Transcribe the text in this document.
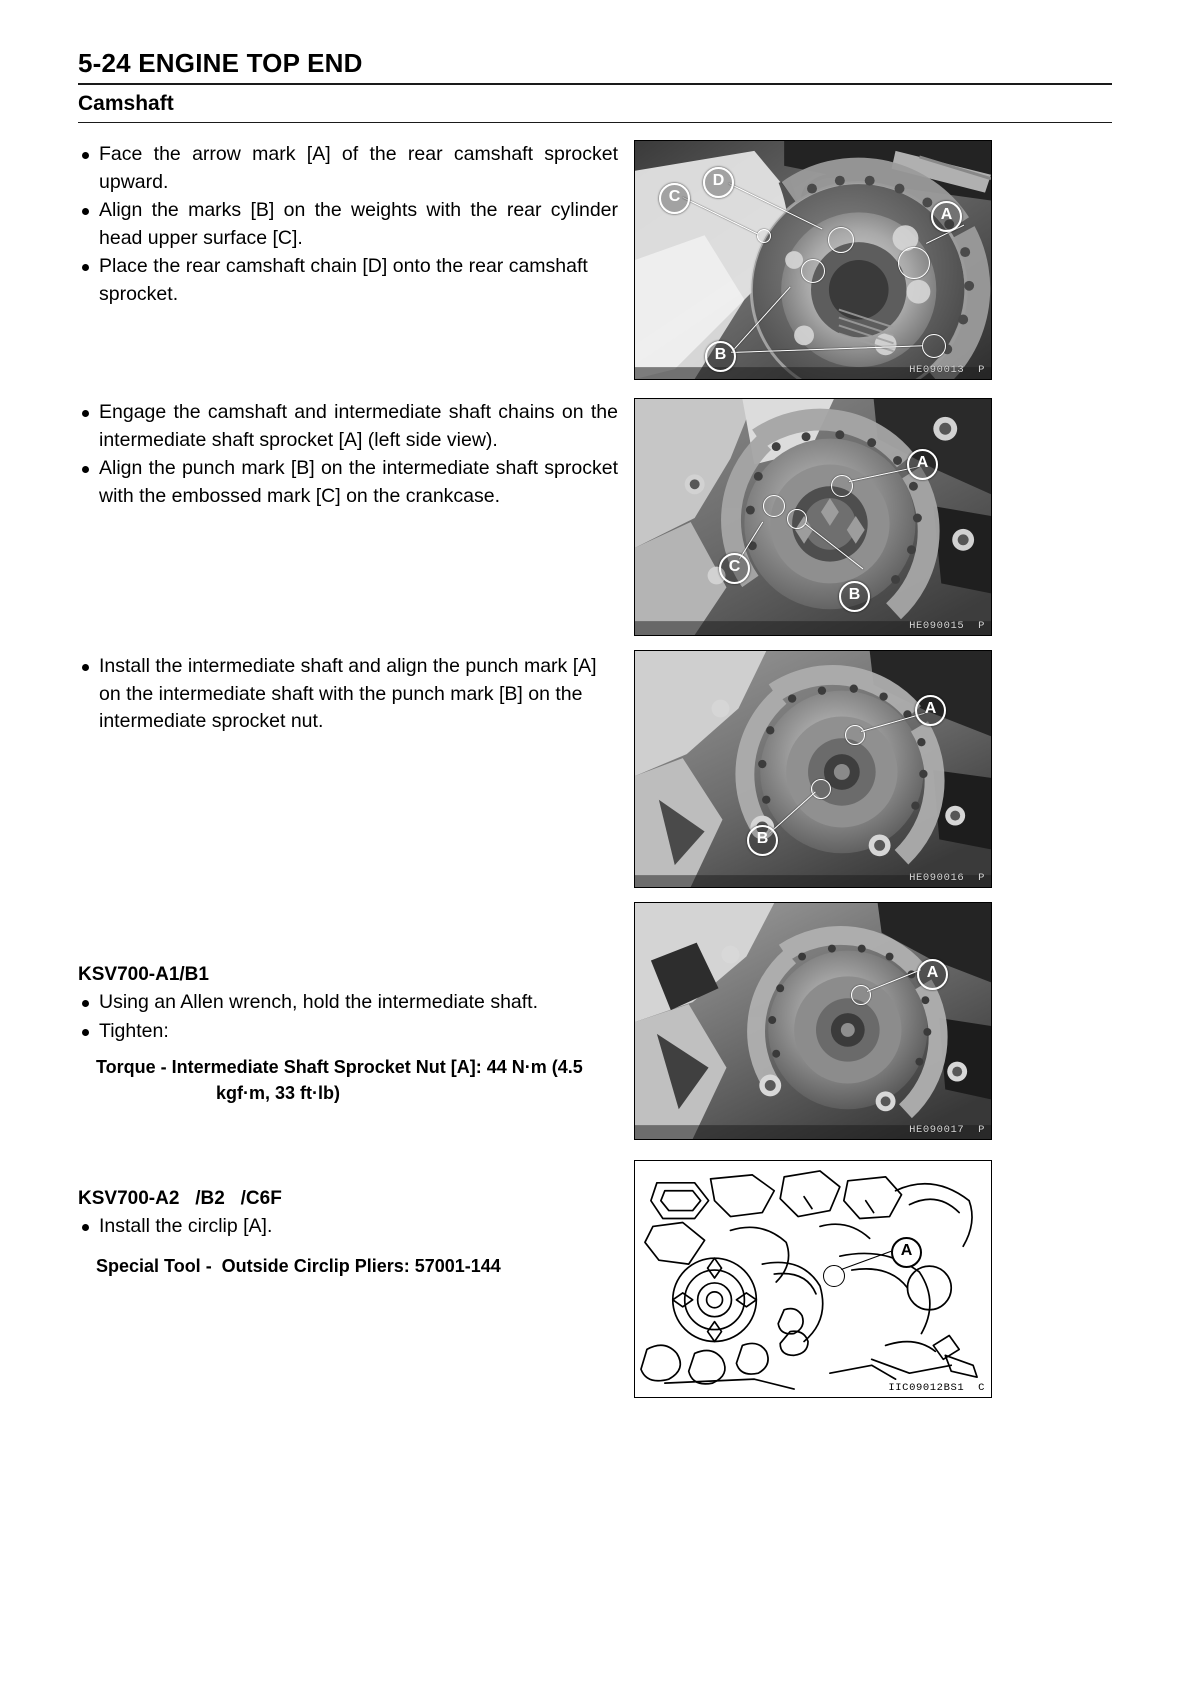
5-24 ENGINE TOP END
Camshaft
Face the arrow mark [A] of the rear camshaft sprocket upward.
Align the marks [B] on the weights with the rear cylinder head upper surface [C].
Place the rear camshaft chain [D] onto the rear camshaft sprocket.
Engage the camshaft and intermediate shaft chains on the intermediate shaft sprocket [A] (left side view).
Align the punch mark [B] on the intermediate shaft sprocket with the embossed mark [C] on the crankcase.
Install the intermediate shaft and align the punch mark [A] on the intermediate shaft with the punch mark [B] on the intermediate sprocket nut.
KSV700-A1/B1
Using an Allen wrench, hold the intermediate shaft.
Tighten:
Torque - Intermediate Shaft Sprocket Nut [A]: 44 N·m (4.5
kgf·m, 33 ft·lb)
KSV700-A2   /B2   /C6F
Install the circlip [A].
Special Tool -  Outside Circlip Pliers: 57001-144
D
C
A
B
HE090013  P
A
C
B
HE090015  P
A
B
HE090016  P
A
HE090017  P
A
IIC09012BS1  C
